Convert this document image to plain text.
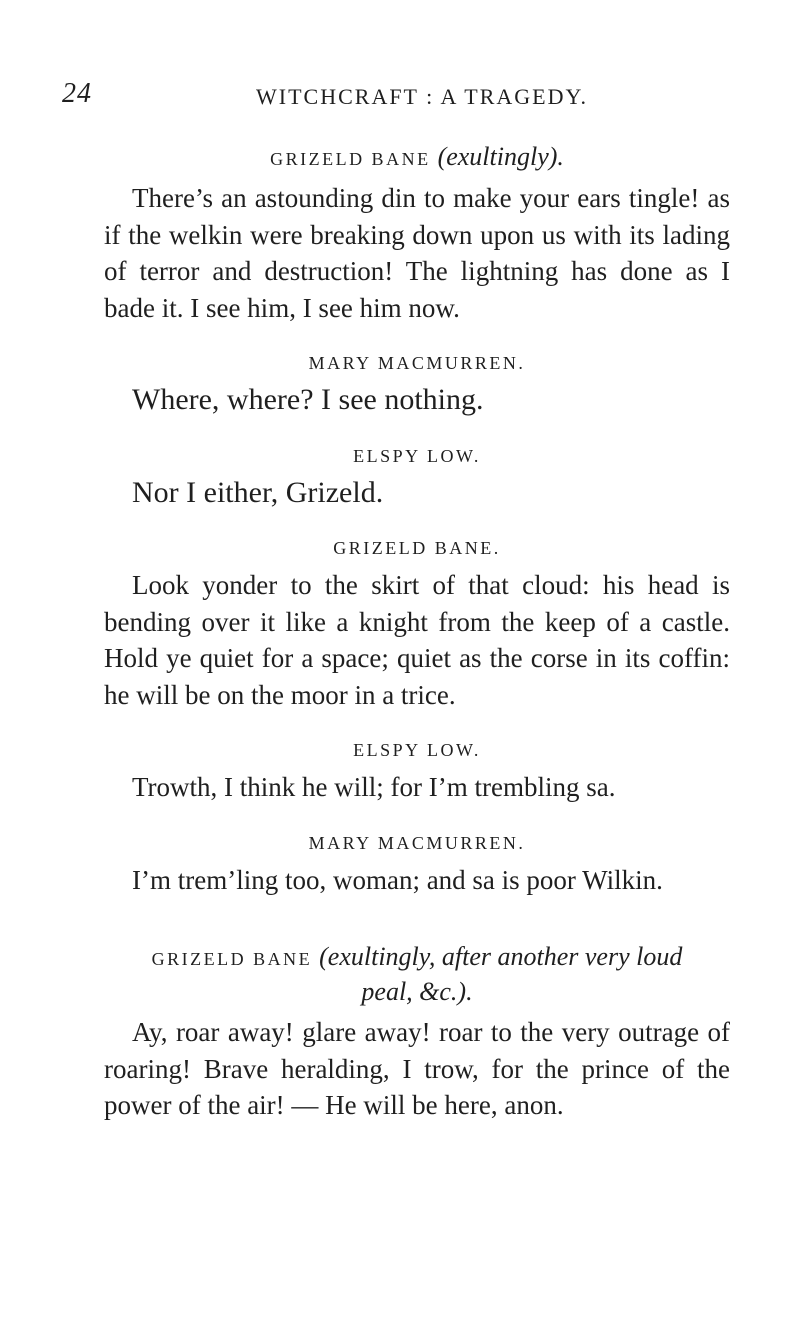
24	WITCHCRAFT : A TRAGEDY.

GRIZELD BANE (exultingly).

There’s an astounding din to make your ears tingle! as if the welkin were breaking down upon us with its lading of terror and destruction! The lightning has done as I bade it. I see him, I see him now.

MARY MACMURREN.

Where, where? I see nothing.

ELSPY LOW.

Nor I either, Grizeld.

GRIZELD BANE.

Look yonder to the skirt of that cloud: his head is bending over it like a knight from the keep of a castle. Hold ye quiet for a space; quiet as the corse in its coffin: he will be on the moor in a trice.

ELSPY LOW.

Trowth, I think he will; for I’m trembling sa.

MARY MACMURREN.

I’m trem’ling too, woman; and sa is poor Wilkin.

GRIZELD BANE (exultingly, after another very loud

peal, &c.).

Ay, roar away! glare away! roar to the very outrage of roaring! Brave heralding, I trow, for the prince of the power of the air! — He will be here, anon.
